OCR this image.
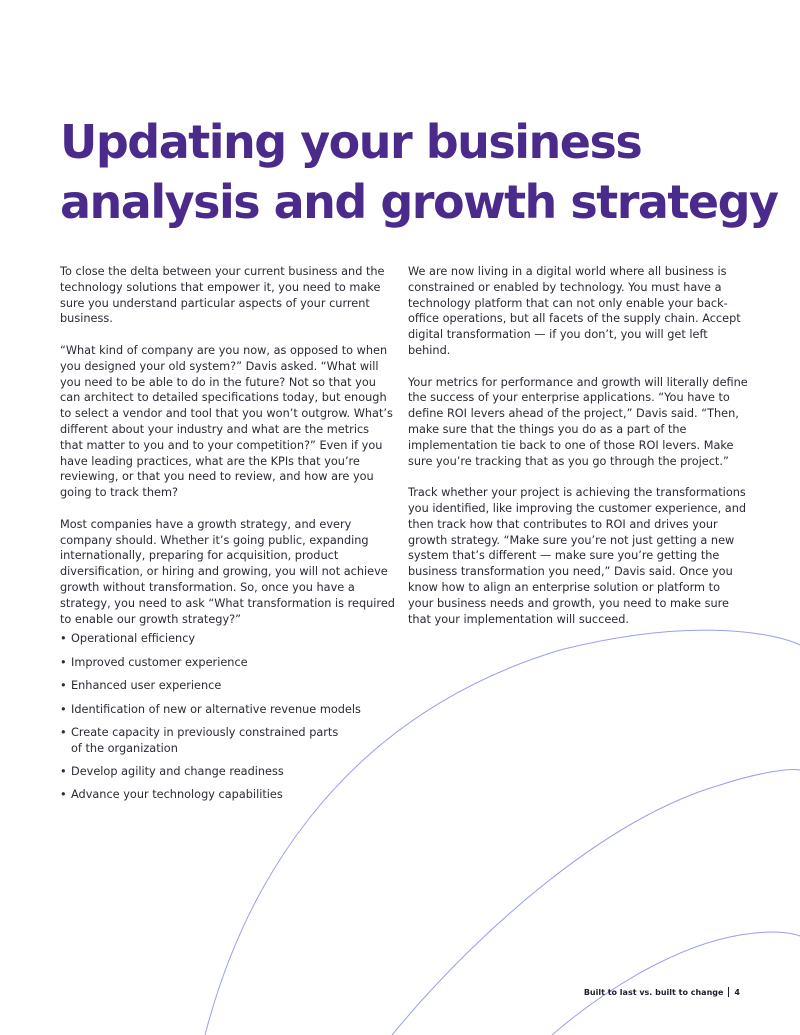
Updating your business analysis and growth strategy

To close the delta between your current business and the technology solutions that empower it, you need to make sure you understand particular aspects of your current business.

“What kind of company are you now, as opposed to when you designed your old system?” Davis asked. “What will you need to be able to do in the future? Not so that you can architect to detailed specifications today, but enough to select a vendor and tool that you won’t outgrow. What’s different about your industry and what are the metrics that matter to you and to your competition?” Even if you have leading practices, what are the KPIs that you’re reviewing, or that you need to review, and how are you going to track them?

Most companies have a growth strategy, and every company should. Whether it’s going public, expanding internationally, preparing for acquisition, product diversification, or hiring and growing, you will not achieve growth without transformation. So, once you have a strategy, you need to ask “What transformation is required to enable our growth strategy?”

• Operational efficiency
• Improved customer experience
• Enhanced user experience
• Identification of new or alternative revenue models
• Create capacity in previously constrained parts of the organization
• Develop agility and change readiness
• Advance your technology capabilities

We are now living in a digital world where all business is constrained or enabled by technology. You must have a technology platform that can not only enable your back-office operations, but all facets of the supply chain. Accept digital transformation — if you don’t, you will get left behind.

Your metrics for performance and growth will literally define the success of your enterprise applications. “You have to define ROI levers ahead of the project,” Davis said. “Then, make sure that the things you do as a part of the implementation tie back to one of those ROI levers. Make sure you’re tracking that as you go through the project.”

Track whether your project is achieving the transformations you identified, like improving the customer experience, and then track how that contributes to ROI and drives your growth strategy. “Make sure you’re not just getting a new system that’s different — make sure you’re getting the business transformation you need,” Davis said. Once you know how to align an enterprise solution or platform to your business needs and growth, you need to make sure that your implementation will succeed.

Built to last vs. built to change 4
